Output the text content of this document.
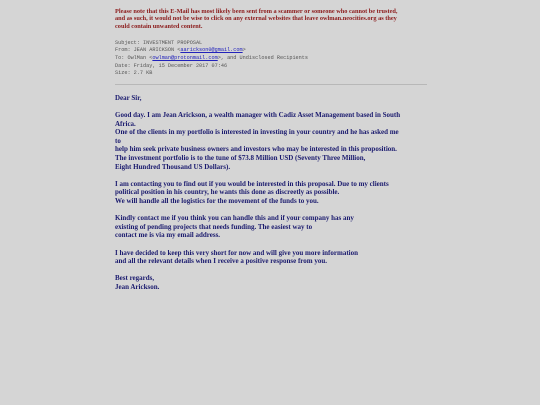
Please note that this E-Mail has most likely been sent from a scammer or someone who cannot be trusted,
and as such, it would not be wise to click on any external websites that leave owlman.neocities.org as they
could contain unwanted content.
Subject: INVESTMENT PROPOSAL
From: JEAN ARICKSON <aarickson0@gmail.com>
To: OwlMan <owlman@protonmail.com>, and Undisclosed Recipients
Date: Friday, 15 December 2017 07:46
Size: 2.7 KB
Dear Sir,
Good day. I am Jean Arickson, a wealth manager with Cadiz Asset Management based in South
Africa.
One of the clients in my portfolio is interested in investing in your country and he has asked me
to
help him seek private business owners and investors who may be interested in this proposition.
The investment portfolio is to the tune of $73.8 Million USD (Seventy Three Million,
Eight Hundred Thousand US Dollars).
I am contacting you to find out if you would be interested in this proposal. Due to my clients
political position in his country, he wants this done as discreetly as possible.
We will handle all the logistics for the movement of the funds to you.
Kindly contact me if you think you can handle this and if your company has any
existing of pending projects that needs funding. The easiest way to
contact me is via my email address.
I have decided to keep this very short for now and will give you more information
and all the relevant details when I receive a positive response from you.
Best regards,
Jean Arickson.
